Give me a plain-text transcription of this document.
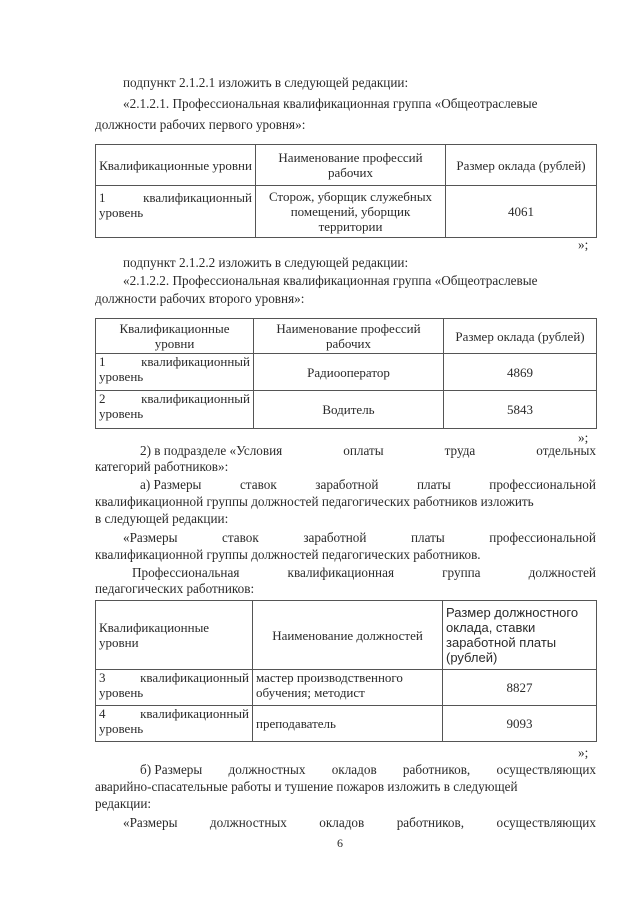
подпункт 2.1.2.1 изложить в следующей редакции:
«2.1.2.1. Профессиональная квалификационная группа «Общеотраслевые
должности рабочих первого уровня»:
Квалификационные уровни	Наименование профессий рабочих	Размер оклада (рублей)

1 квалификационный
уровень	Сторож, уборщик служебных помещений, уборщик территории	4061
»;
подпункт 2.1.2.2 изложить в следующей редакции:
«2.1.2.2. Профессиональная квалификационная группа «Общеотраслевые
должности рабочих второго уровня»:
Квалификационные уровни	Наименование профессий рабочих	Размер оклада (рублей)

1 квалификационный
уровень	Радиооператор	4869

2 квалификационный
уровень	Водитель	5843
»;
2) в подразделе «Условия	оплаты	труда	отдельных
категорий работников»:
а) Размеры	ставок	заработной	платы	профессиональной
квалификационной группы должностей педагогических работников изложить
в следующей редакции:
«Размеры	ставок	заработной	платы	профессиональной
квалификационной группы должностей педагогических работников.
Профессиональная	квалификационная	группа	должностей
педагогических работников:
Квалификационные уровни	Наименование должностей	Размер должностного оклада, ставки заработной платы (рублей)

3 квалификационный
уровень	мастер производственного обучения; методист	8827

4 квалификационный
уровень	преподаватель	9093
»;
б) Размеры должностных окладов работников, осуществляющих
аварийно-спасательные работы и тушение пожаров изложить в следующей
редакции:
«Размеры должностных окладов работников, осуществляющих
6
